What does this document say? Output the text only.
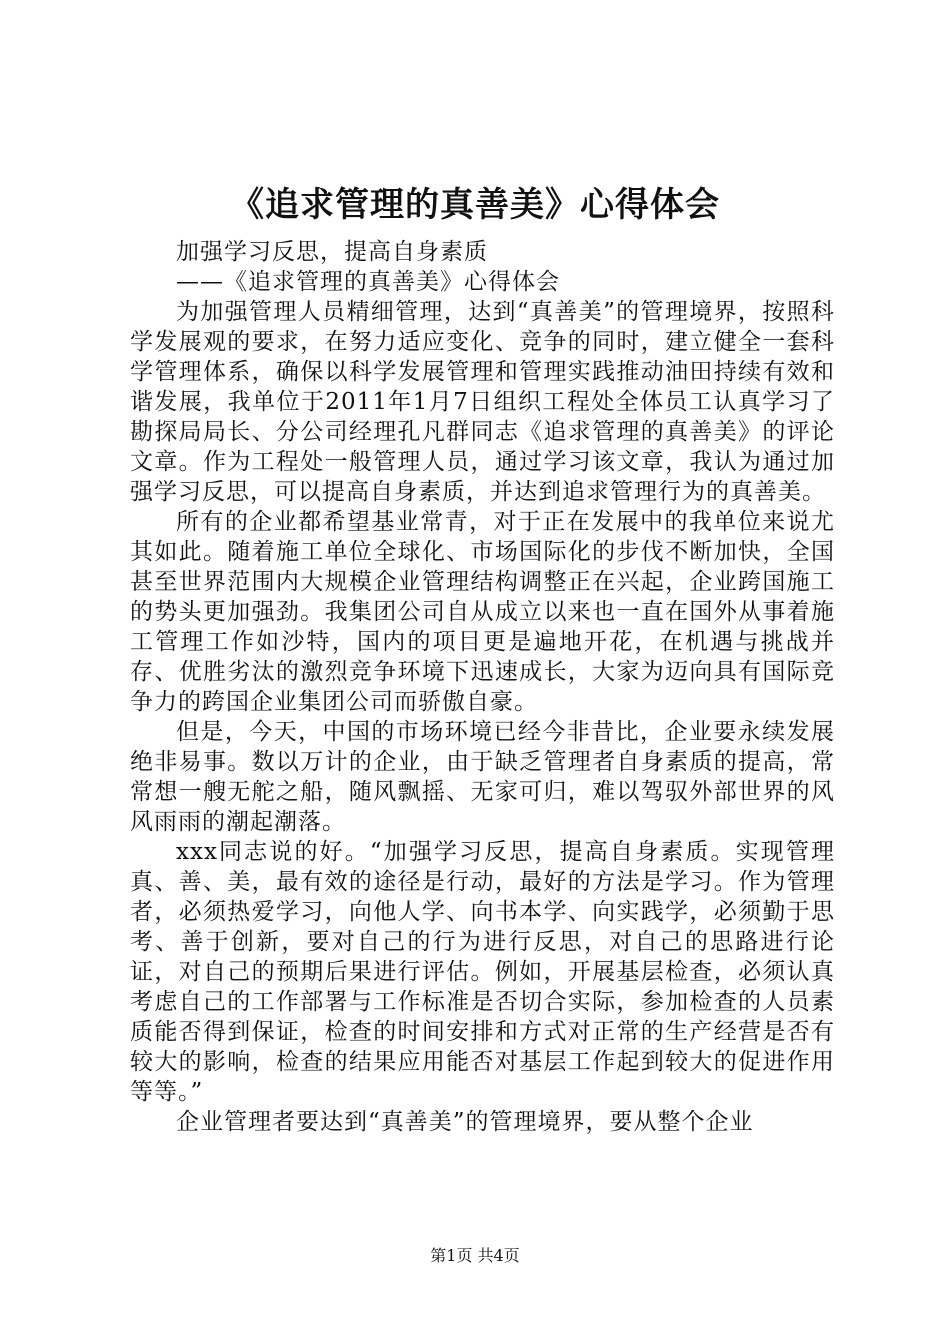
《追求管理的真善美》心得体会

加强学习反思，提高自身素质

——《追求管理的真善美》心得体会

为加强管理人员精细管理，达到“真善美”的管理境界，按照科学发展观的要求，在努力适应变化、竞争的同时，建立健全一套科学管理体系，确保以科学发展管理和管理实践推动油田持续有效和谐发展，我单位于2011年1月7日组织工程处全体员工认真学习了勘探局局长、分公司经理孔凡群同志《追求管理的真善美》的评论文章。作为工程处一般管理人员，通过学习该文章，我认为通过加强学习反思，可以提高自身素质，并达到追求管理行为的真善美。

所有的企业都希望基业常青，对于正在发展中的我单位来说尤其如此。随着施工单位全球化、市场国际化的步伐不断加快，全国甚至世界范围内大规模企业管理结构调整正在兴起，企业跨国施工的势头更加强劲。我集团公司自从成立以来也一直在国外从事着施工管理工作如沙特，国内的项目更是遍地开花，在机遇与挑战并存、优胜劣汰的激烈竞争环境下迅速成长，大家为迈向具有国际竞争力的跨国企业集团公司而骄傲自豪。

但是，今天，中国的市场环境已经今非昔比，企业要永续发展绝非易事。数以万计的企业，由于缺乏管理者自身素质的提高，常常想一艘无舵之船，随风飘摇、无家可归，难以驾驭外部世界的风风雨雨的潮起潮落。

xxx同志说的好。“加强学习反思，提高自身素质。实现管理真、善、美，最有效的途径是行动，最好的方法是学习。作为管理者，必须热爱学习，向他人学、向书本学、向实践学，必须勤于思考、善于创新，要对自己的行为进行反思，对自己的思路进行论证，对自己的预期后果进行评估。例如，开展基层检查，必须认真考虑自己的工作部署与工作标准是否切合实际，参加检查的人员素质能否得到保证，检查的时间安排和方式对正常的生产经营是否有较大的影响，检查的结果应用能否对基层工作起到较大的促进作用等等。”

企业管理者要达到“真善美”的管理境界，要从整个企业

第1页 共4页
